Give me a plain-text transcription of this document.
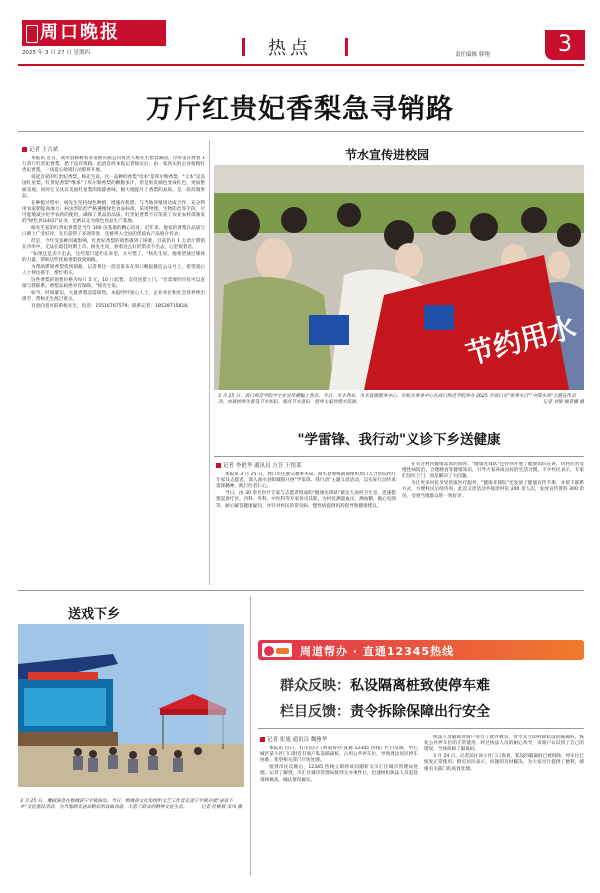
周口晚报
2025 年 3 月 27 日 星期四	热点	责任编辑 韩翔	3
万斤红贵妃香梨急寻销路
记者 王吉斌

本报讯 近日，商水县杨桥农业发展有限公司负责人杨先生愁容满面，冷库里存放着 1 万余斤红贵妃香梨，愁于没有销路。此消息经本报记者核实后，由一家真实的企业收购红贵妃香梨，一场爱心助销行动即将开展。

说起自家的红贵妃香梨，杨先生说，这一品种的香梨"母本"是库尔勒香梨，"父本"是美国红星梨。红贵妃香梨"继承"了库尔勒香梨的酥脆多汁，但是果皮颜色变成红色，更加艳丽美观。同时它又具有美国红星梨的浓郁香味，极大地提升了香梨的品质，是一款高端果品。

在种植过程中，杨先生坚持绿色种植，增施有机肥，与当地养殖场达成合作，充分利用农家肥提高地力；病虫害防治严格遵循绿色食品标准，采用物理、生物防治等手段，尽可能地减少化学农药的使用，确保了果品的品质。红贵妃香梨不仅荣获了农业农村部颁发的"绿色食品标识"证书，还被认定为绿色食品生产基地。

杨先生家的红贵妃香梨是当年 300 亩基地的精心培育。近年来，他家的香梨在品质与口碑上广受好评，先后获得了多项荣誉，还被列入全县的优质农产品推介名录。

但是，今年受多种因素影响，红贵妃香梨的销售遇到了困难，目前仍有 1 万余斤滞销在冷库中，无法在最佳时期上市。杨先生说，看着这么好的梨卖不出去，心里很着急。

"如果还是卖不出去，这些梨只能烂在库里，太可惜了。"杨先生说，他希望通过媒体的力量，帮助这些优质香梨找到销路。

为帮助滞销香梨找到销路，记者将这一消息发布在周口晚报微信公众号上，希望爱心人士伸出援手，帮忙购买。

这些香梨的销售价格为每斤 5 元，10 斤起售，支持送货上门。"有需要的市民可以直接与我联系，香梨品质绝对有保障。"杨先生说。

如今，时间紧迫，大量香梨急需销售。本报呼吁爱心人士、企业单位和社会各界伸出援手，帮杨先生渡过难关。

有意向者可联系杨先生，电话：15516767579；联系记者：18539715818。

节水宣传进校园
节约用水
3 月 25 日，周口师范学院学生在宣传横幅上签名。当日，市水利局、市水资源服务中心、市机关事务中心在周口师范学院举办 2025 年周口市"世界水日""中国水周"主题宣传活动，向该校师生普及节水知识，提高节水意识，倡导大家珍惜水资源。	记者 刘敏 顾亚娜 摄
"学雷锋、我行动"义诊下乡送健康
记者 李艳华 通讯员 方芳 王悦莱

本报讯 3 月 25 日，周口市民族宗教事务局、商水县委统战部组织周口人合医院医疗专家及志愿者，深入商水县阳城镇开展"学雷锋、我行动"主题义诊活动，以实际行动传承雷锋精神，践行医者仁心。

当日，由 30 余名医疗专家与志愿者组成的"健康先锋队"抵达大岗村卫生室，迅速搭建起诊疗区。内科、外科、中医科等专家各司其职，为村民测量血压、测血糖、做心电图等，耐心解答健康疑问，并针对村民的常见病、慢性病提供用药指导和健康建议。

在关注村民健康需求的同时，"健康先锋队"还特别开展了健康知识宣讲，向村民普及慢性病防治、合理膳食等健康知识，引导大家养成良好的生活习惯。不少村民表示，专家们送医上门，真是解决了大问题。

为让更多村民享受优质医疗服务，"健康先锋队"还发放了健康宣传手册，并留下联系方式，方便村民后续咨询。此次义诊活动共接诊村民 200 余人次，发放宣传资料 300 余份，受到当地群众的一致好评。

送戏下乡
3 月 25 日，豫剧演员在郸城县宁平镇演出。当日，郸城县文化馆组织文艺工作者走进宁平镇开展"送戏下乡"文化惠民活动，为当地群众送去精彩的戏曲表演，丰富了群众的精神文化生活。	记者 杜桃展 宋凤 摄
周道帮办 · 直通12345热线
群众反映：私设隔离桩致使停车难
栏目反馈：责令拆除保障出行安全
记者 张旭 通讯员 魏雅华

本报讯 近日，有市民向《周道帮办·直通 12345 热线》栏目反映，中心城区某小区门口附近有商户私设隔离桩，占用公共停车位，导致周边居民停车困难，希望相关部门尽快处理。

接到市民反映后，12345 热线立即将该问题转交川汇区城市管理局处理。记者了解到，川汇区城市管理局接到交办事件后，迅速组织执法人员赶赴现场核查，确认情况属实。

执法人员随即对商户进行了批评教育，责令其立即拆除私设的隔离桩，恢复公共停车位的正常使用。经过执法人员的耐心劝导，该商户认识到了自己的错误，当场拆除了隔离桩。

3 月 24 日，记者前往该小区门口查看，私设的隔离桩已被拆除，停车位已恢复正常使用。附近居民表示，问题的及时解决，为大家出行提供了便利，感谢有关部门的高效处理。
